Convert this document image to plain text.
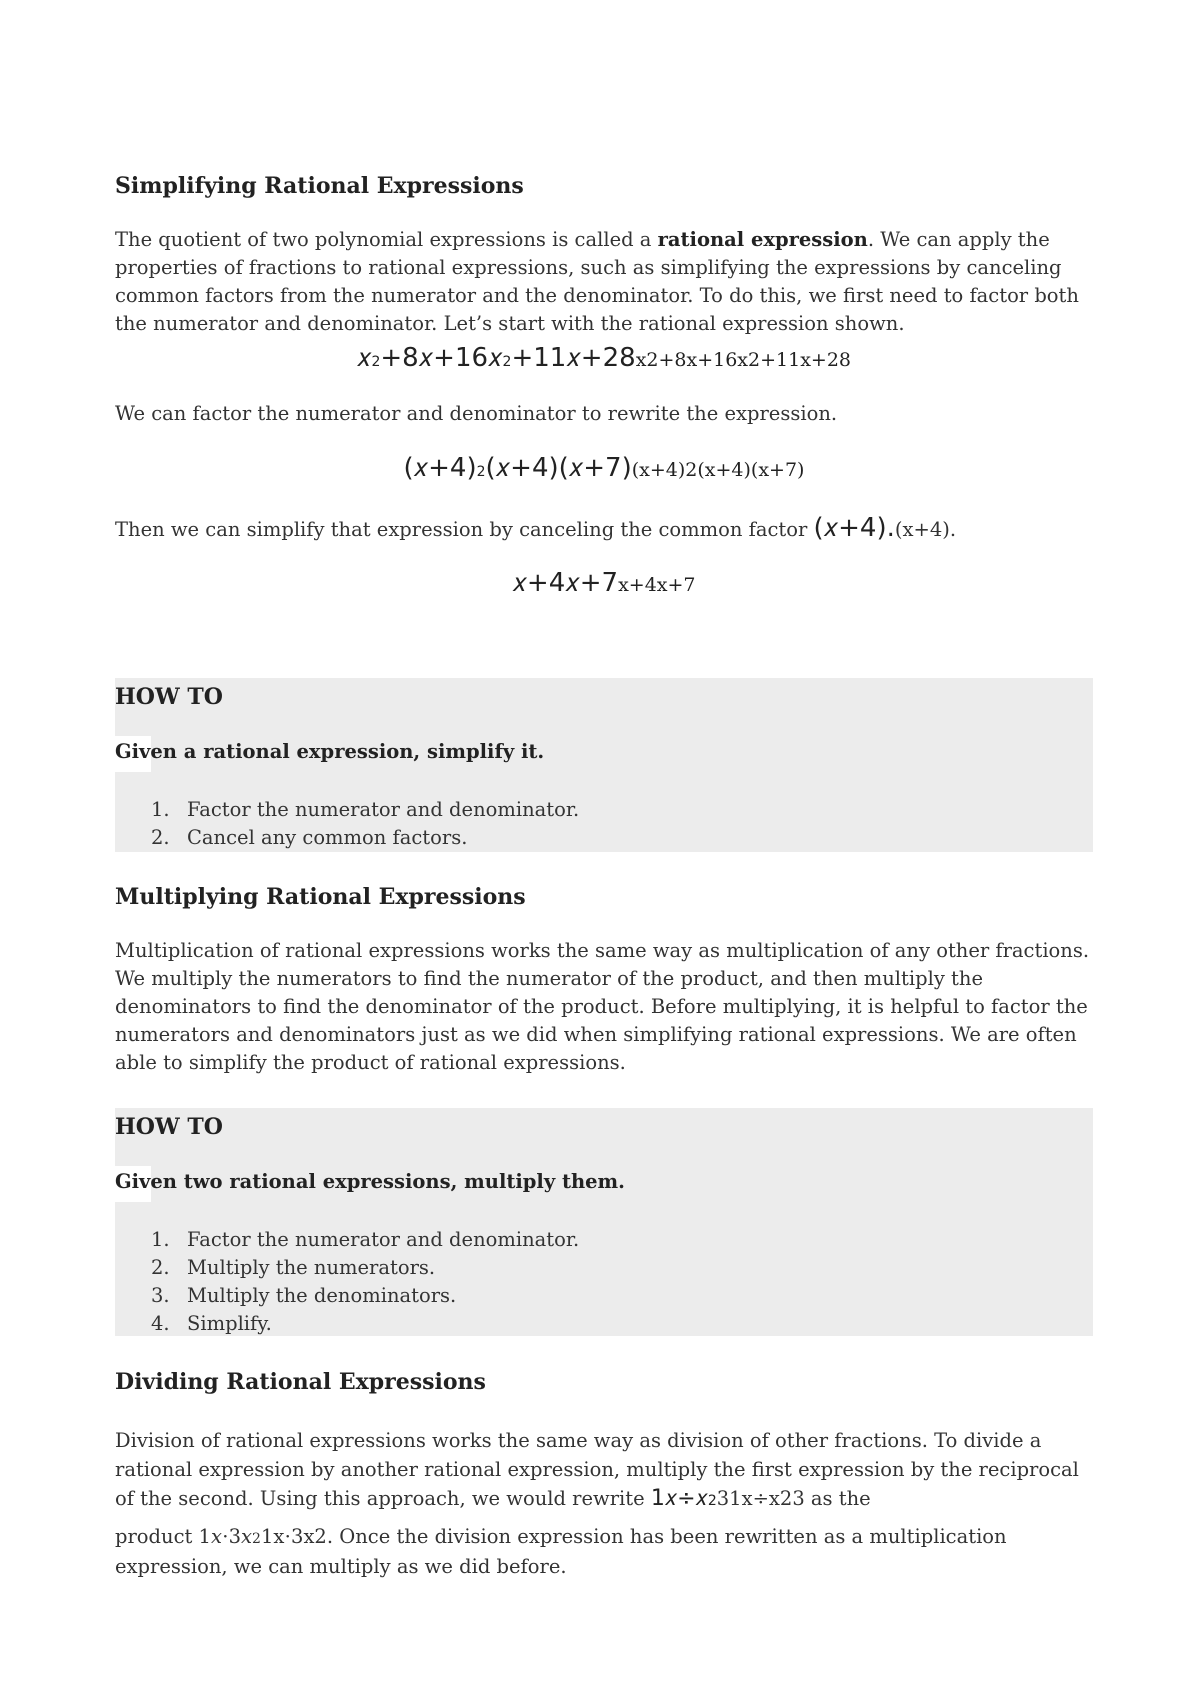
Simplifying Rational Expressions

The quotient of two polynomial expressions is called a rational expression. We can apply the properties of fractions to rational expressions, such as simplifying the expressions by canceling common factors from the numerator and the denominator. To do this, we first need to factor both the numerator and denominator. Let’s start with the rational expression shown.

𝑥2+8𝑥+16𝑥2+11𝑥+28x2+8x+16x2+11x+28

We can factor the numerator and denominator to rewrite the expression.

(𝑥+4)2(𝑥+4)(𝑥+7)(x+4)2(x+4)(x+7)

Then we can simplify that expression by canceling the common factor (𝑥+4).(x+4).

𝑥+4𝑥+7x+4x+7
HOW TO
Given a rational expression, simplify it.
1. Factor the numerator and denominator.
2. Cancel any common factors.
Multiplying Rational Expressions

Multiplication of rational expressions works the same way as multiplication of any other fractions. We multiply the numerators to find the numerator of the product, and then multiply the denominators to find the denominator of the product. Before multiplying, it is helpful to factor the numerators and denominators just as we did when simplifying rational expressions. We are often able to simplify the product of rational expressions.

HOW TO
Given two rational expressions, multiply them.
1. Factor the numerator and denominator.
2. Multiply the numerators.
3. Multiply the denominators.
4. Simplify.
Dividing Rational Expressions

Division of rational expressions works the same way as division of other fractions. To divide a rational expression by another rational expression, multiply the first expression by the reciprocal of the second. Using this approach, we would rewrite 1𝑥÷𝑥231x÷x23 as the

product 1𝑥⋅3𝑥21x⋅3x2. Once the division expression has been rewritten as a multiplication expression, we can multiply as we did before.
